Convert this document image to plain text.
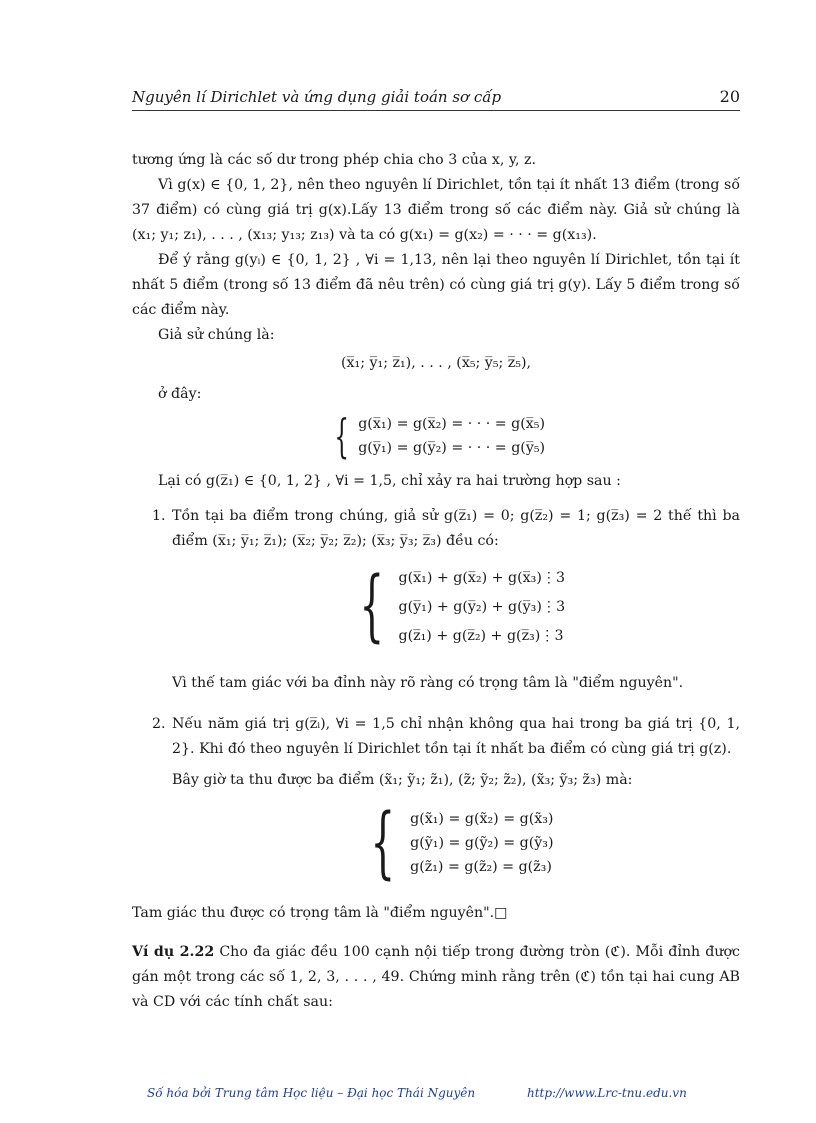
Nguyên lí Dirichlet và ứng dụng giải toán sơ cấp	20

tương ứng là các số dư trong phép chia cho 3 của x, y, z.

Vì g(x) ∈ {0, 1, 2}, nên theo nguyên lí Dirichlet, tồn tại ít nhất 13 điểm (trong số 37 điểm) có cùng giá trị g(x).Lấy 13 điểm trong số các điểm này. Giả sử chúng là (x₁; y₁; z₁), . . . , (x₁₃; y₁₃; z₁₃) và ta có g(x₁) = g(x₂) = · · · = g(x₁₃).

Để ý rằng g(yᵢ) ∈ {0, 1, 2} , ∀i = 1,13, nên lại theo nguyên lí Dirichlet, tồn tại ít nhất 5 điểm (trong số 13 điểm đã nêu trên) có cùng giá trị g(y). Lấy 5 điểm trong số các điểm này.

Giả sử chúng là:

(x̅₁; y̅₁; z̅₁), . . . , (x̅₅; y̅₅; z̅₅),

ở đây:

{ g(x̅₁) = g(x̅₂) = · · · = g(x̅₅)
g(y̅₁) = g(y̅₂) = · · · = g(y̅₅)

Lại có g(z̅₁) ∈ {0, 1, 2} , ∀i = 1,5, chỉ xảy ra hai trường hợp sau :

1. Tồn tại ba điểm trong chúng, giả sử g(z̅₁) = 0; g(z̅₂) = 1; g(z̅₃) = 2 thế thì ba điểm (x̅₁; y̅₁; z̅₁); (x̅₂; y̅₂; z̅₂); (x̅₃; y̅₃; z̅₃) đều có:

{ g(x̅₁) + g(x̅₂) + g(x̅₃)⋮3
g(y̅₁) + g(y̅₂) + g(y̅₃)⋮3
g(z̅₁) + g(z̅₂) + g(z̅₃)⋮3

Vì thế tam giác với ba đỉnh này rõ ràng có trọng tâm là "điểm nguyên".

2. Nếu năm giá trị g(z̅ᵢ), ∀i = 1,5 chỉ nhận không qua hai trong ba giá trị {0, 1, 2}. Khi đó theo nguyên lí Dirichlet tồn tại ít nhất ba điểm có cùng giá trị g(z).

Bây giờ ta thu được ba điểm (x̃₁; ỹ₁; z̃₁), (z̃; ỹ₂; z̃₂), (x̃₃; ỹ₃; z̃₃) mà:

{ g(x̃₁) = g(x̃₂) = g(x̃₃)
g(ỹ₁) = g(ỹ₂) = g(ỹ₃)
g(z̃₁) = g(z̃₂) = g(z̃₃)

Tam giác thu được có trọng tâm là "điểm nguyên".□

Ví dụ 2.22 Cho đa giác đều 100 cạnh nội tiếp trong đường tròn (ℭ). Mỗi đỉnh được gán một trong các số 1, 2, 3, . . . , 49. Chứng minh rằng trên (ℭ) tồn tại hai cung AB và CD với các tính chất sau:

Số hóa bởi Trung tâm Học liệu – Đại học Thái Nguyên	http://www.Lrc-tnu.edu.vn
